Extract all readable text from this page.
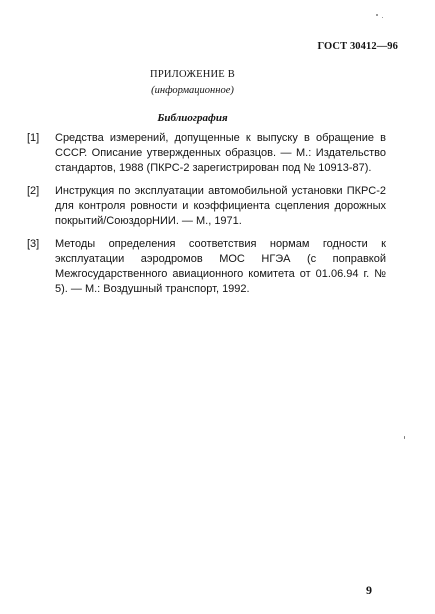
ГОСТ 30412—96
ПРИЛОЖЕНИЕ В
(информационное)
Библиография
[1] Средства измерений, допущенные к выпуску в обращение в СССР. Описание утвержденных образцов. — М.: Издательство стандартов, 1988 (ПКРС-2 зарегистрирован под № 10913-87).
[2] Инструкция по эксплуатации автомобильной установки ПКРС-2 для контроля ровности и коэффициента сцепления дорожных покрытий/СоюздорНИИ. — М., 1971.
[3] Методы определения соответствия нормам годности к эксплуатации аэродромов МОС НГЭА (с поправкой Межгосударственного авиационного комитета от 01.06.94 г. № 5). — М.: Воздушный транспорт, 1992.
9
